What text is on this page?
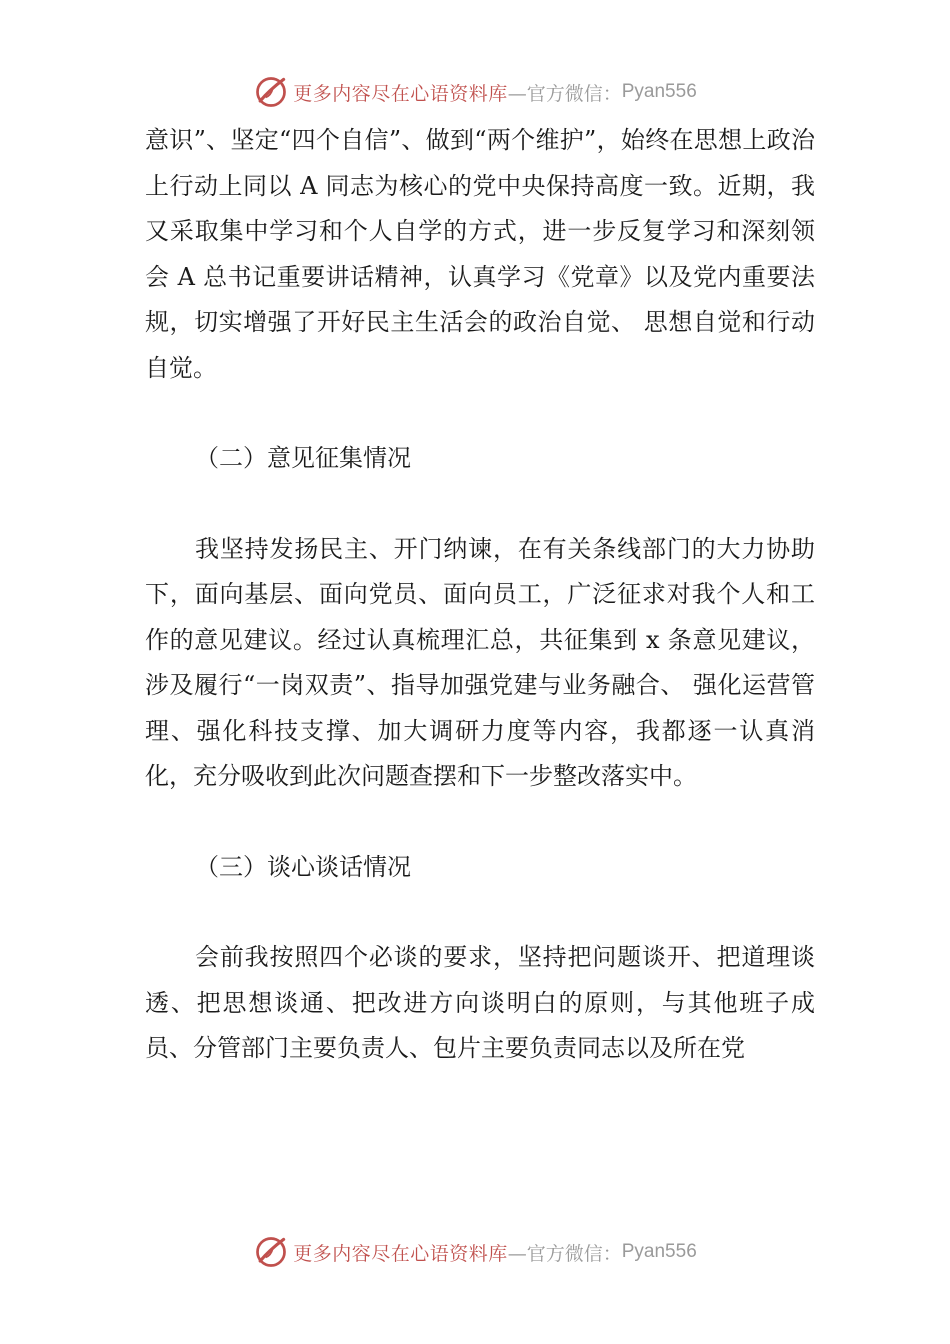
更多内容尽在心语资料库 —官方微信： Pyan556

意识”、坚定“四个自信”、做到“两个维护”，始终在思想上政治上行动上同以 A 同志为核心的党中央保持高度一致。近期，我又采取集中学习和个人自学的方式，进一步反复学习和深刻领会 A 总书记重要讲话精神，认真学习《党章》以及党内重要法规，切实增强了开好民主生活会的政治自觉、 思想自觉和行动自觉。

（二）意见征集情况

我坚持发扬民主、开门纳谏，在有关条线部门的大力协助下，面向基层、面向党员、面向员工，广泛征求对我个人和工作的意见建议。经过认真梳理汇总，共征集到 x 条意见建议，涉及履行“一岗双责”、指导加强党建与业务融合、 强化运营管理、强化科技支撑、加大调研力度等内容，我都逐一认真消化，充分吸收到此次问题查摆和下一步整改落实中。

（三）谈心谈话情况

会前我按照四个必谈的要求，坚持把问题谈开、把道理谈透、把思想谈通、把改进方向谈明白的原则，与其他班子成员、分管部门主要负责人、包片主要负责同志以及所在党

更多内容尽在心语资料库 —官方微信： Pyan556
